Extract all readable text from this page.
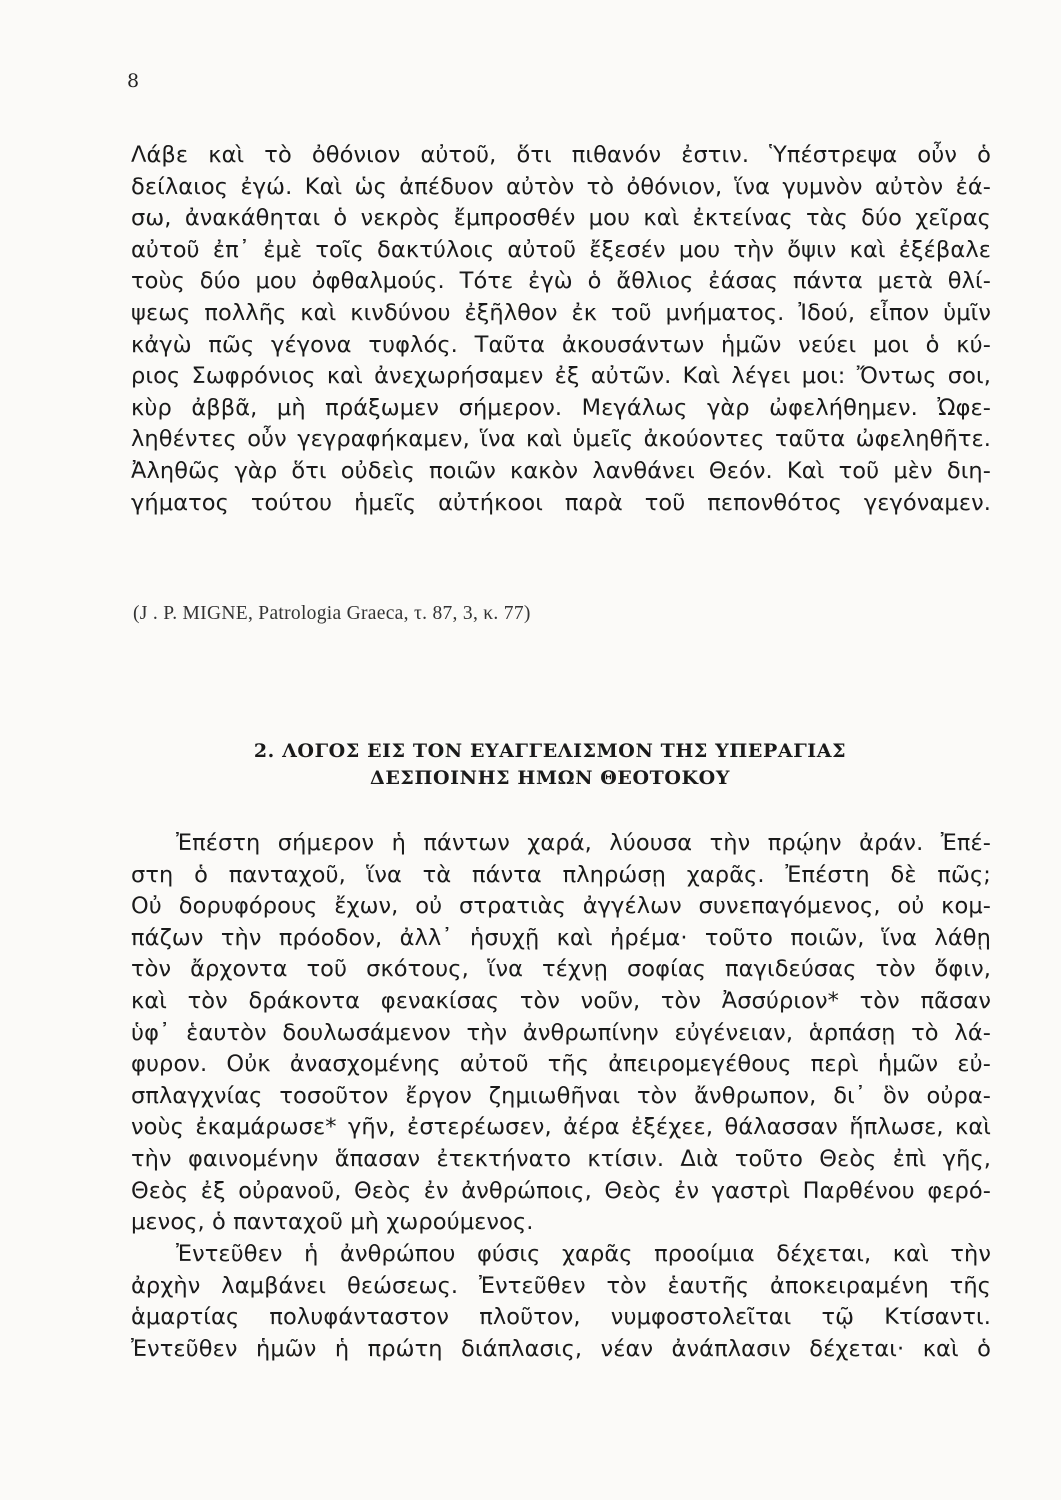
8
Λάβε καὶ τὸ ὀθόνιον αὐτοῦ, ὅτι πιθανόν ἐστιν. Ὑπέστρεψα οὖν ὁ
δείλαιος ἐγώ. Καὶ ὡς ἀπέδυον αὐτὸν τὸ ὀθόνιον, ἵνα γυμνὸν αὐτὸν ἐά-
σω, ἀνακάθηται ὁ νεκρὸς ἔμπροσθέν μου καὶ ἐκτείνας τὰς δύο χεῖρας
αὐτοῦ ἐπ᾽ ἐμὲ τοῖς δακτύλοις αὐτοῦ ἔξεσέν μου τὴν ὄψιν καὶ ἐξέβαλε
τοὺς δύο μου ὀφθαλμούς. Τότε ἐγὼ ὁ ἄθλιος ἐάσας πάντα μετὰ θλί-
ψεως πολλῆς καὶ κινδύνου ἐξῆλθον ἐκ τοῦ μνήματος. Ἰδού, εἶπον ὑμῖν
κἀγὼ πῶς γέγονα τυφλός. Ταῦτα ἀκουσάντων ἡμῶν νεύει μοι ὁ κύ-
ριος Σωφρόνιος καὶ ἀνεχωρήσαμεν ἐξ αὐτῶν. Καὶ λέγει μοι: Ὄντως σοι,
κὺρ ἀββᾶ, μὴ πράξωμεν σήμερον. Μεγάλως γὰρ ὠφελήθημεν. Ὠφε-
ληθέντες οὖν γεγραφήκαμεν, ἵνα καὶ ὑμεῖς ἀκούοντες ταῦτα ὠφεληθῆτε.
Ἀληθῶς γὰρ ὅτι οὐδεὶς ποιῶν κακὸν λανθάνει Θεόν. Καὶ τοῦ μὲν διη-
γήματος τούτου ἡμεῖς αὐτήκοοι παρὰ τοῦ πεπονθότος γεγόναμεν.
(J . P. MIGNE, Patrologia Graeca, τ. 87, 3, κ. 77)
2. ΛΟΓΟΣ ΕΙΣ ΤΟΝ ΕΥΑΓΓΕΛΙΣΜΟΝ ΤΗΣ ΥΠΕΡΑΓΙΑΣ
ΔΕΣΠΟΙΝΗΣ ΗΜΩΝ ΘΕΟΤΟΚΟΥ
Ἐπέστη σήμερον ἡ πάντων χαρά, λύουσα τὴν πρῴην ἀράν. Ἐπέ-
στη ὁ πανταχοῦ, ἵνα τὰ πάντα πληρώσῃ χαρᾶς. Ἐπέστη δὲ πῶς;
Οὐ δορυφόρους ἔχων, οὐ στρατιὰς ἀγγέλων συνεπαγόμενος, οὐ κομ-
πάζων τὴν πρόοδον, ἀλλ᾽ ἡσυχῇ καὶ ἠρέμα· τοῦτο ποιῶν, ἵνα λάθῃ
τὸν ἄρχοντα τοῦ σκότους, ἵνα τέχνῃ σοφίας παγιδεύσας τὸν ὄφιν,
καὶ τὸν δράκοντα φενακίσας τὸν νοῦν, τὸν Ἀσσύριον* τὸν πᾶσαν
ὑφ᾽ ἑαυτὸν δουλωσάμενον τὴν ἀνθρωπίνην εὐγένειαν, ἁρπάσῃ τὸ λά-
φυρον. Οὐκ ἀνασχομένης αὐτοῦ τῆς ἀπειρομεγέθους περὶ ἡμῶν εὐ-
σπλαγχνίας τοσοῦτον ἔργον ζημιωθῆναι τὸν ἄνθρωπον, δι᾽ ὃν οὐρα-
νοὺς ἐκαμάρωσε* γῆν, ἐστερέωσεν, ἀέρα ἐξέχεε, θάλασσαν ἥπλωσε, καὶ
τὴν φαινομένην ἅπασαν ἐτεκτήνατο κτίσιν. Διὰ τοῦτο Θεὸς ἐπὶ γῆς,
Θεὸς ἐξ οὐρανοῦ, Θεὸς ἐν ἀνθρώποις, Θεὸς ἐν γαστρὶ Παρθένου φερό-
μενος, ὁ πανταχοῦ μὴ χωρούμενος.
Ἐντεῦθεν ἡ ἀνθρώπου φύσις χαρᾶς προοίμια δέχεται, καὶ τὴν
ἀρχὴν λαμβάνει θεώσεως. Ἐντεῦθεν τὸν ἑαυτῆς ἀποκειραμένη τῆς
ἁμαρτίας πολυφάνταστον πλοῦτον, νυμφοστολεῖται τῷ Κτίσαντι.
Ἐντεῦθεν ἡμῶν ἡ πρώτη διάπλασις, νέαν ἀνάπλασιν δέχεται· καὶ ὁ
